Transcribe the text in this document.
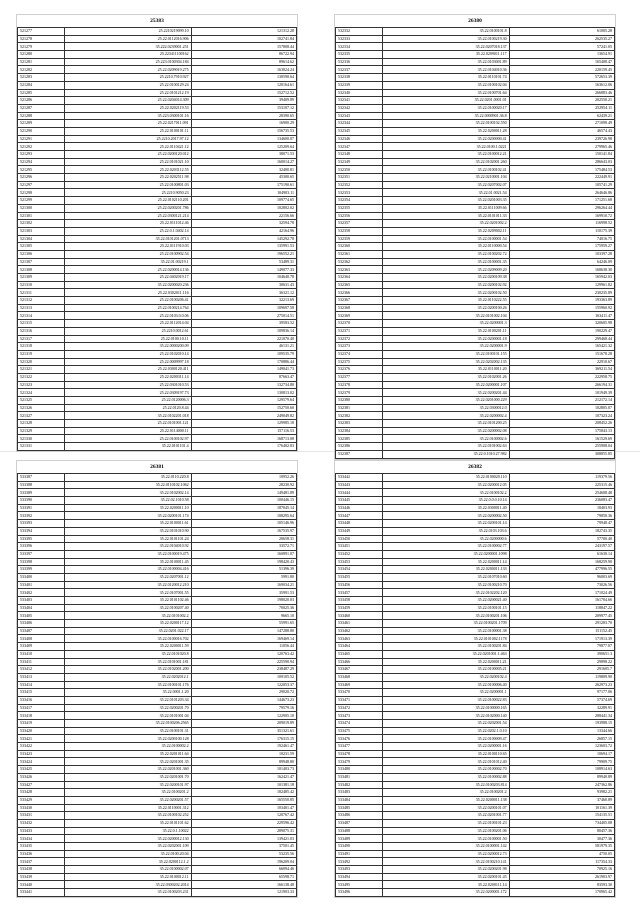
25383
521277	25.2210219099.10	121312.28
521278	25.22.0112016.906	102741.84
521279	35.222.0239001.251	157808.44
521280	25.223411100162	86722.94
521281	25.223.0100304.184	89614.62
521282	25.22.0209019.275	163024.24
521283	25.2210.7910.927	130590.64
521284	25.22.0100129.24	120164.61
521285	25.22.0101212.19	152712.52
521286	25.22.0204014.309	39409.89
521287	25.22.0202119.53	153107.12
521288	35.223.0300101.16	28390.65
521289	25.22.0217011.091	16900.29
521290	25.22.0100101.11	156735.53
521291	25.2210.2017.97.12	134600.07
521292	25.22.0110421.12	125209.64
521293	25.22.0200120.012	38071.53
521294	25.22.0101021.10	160014.27
521295	25.22.0203112.55	32400.81
521296	25.22.0202511.98	45300.65
521297	25.22.0100801.03	175190.61
521298	25.2210.9050.23	104903.11
521299	25.22.0102110.201	109774.65
521300	25.22.0200201.786	102802.02
521301	25.22.0300121.214	22156.66
521302	25.22.0111012.46	32594.78
521303	25.22.0.1.0402.14	42164.96
521304	35.22.0101201.0713	145292.78
521305	25.22.0111910.03	135991.53
521306	25.22.0100902.54	196552.21
521307	35.22.01.00219.1	53489.31
521308	25.22.0200014.136	149077.33
521309	25.22.0402019.17	104640.78
521310	35.22.0200020.236	30631.43
521311	25.22.0302011.116	36321.12
521312	25.22.0100206.41	32213.69
521313	25.22.0100214.764	109697.58
521314	25.22.0103.0.0.06	275014.51
521315	25.22.0112014.04	39583.52
521316	25.2210.0012.61	109836.14
521317	25.22.0100.10.11	221070.40
521318	35.22.0000200.09	46131.21
521319	25.22.0102010.14	109535.79
521320	25.22.0009997.18	170886.44
521321	25.22.0300120.411	149041.73
521322	25.22.0200311.14	87663.47
521323	25.22.0301010.53	132734.80
521324	25.22.0309197.73	130813.02
521325	25.22.0120006.3	129579.64
521326	25.22.0120.8.44	152750.60
521327	35.22.0102201.018	249049.82
521328	25.22.0101001.121	129985.18
521329	25.22.0114000.11	157116.53
521330	25.22.0100102.97	168713.08
521331	35.22.0101101.4	176402.83
26380
532332	35.22.0100101.8	61005.28
532333	35.22.0100219.30	262535.27
532334	35.22.0207018.137	57241.05
532335	35.22.0209011.117	13654.91
532336	35.22.0103001.89	165408.47
532337	35.22.0104010.36	220159.45
532338	35.22.0110101.74	572653.39
532339	35.22.0100102.04	163612.06
532340	35.22.0100701.64	266883.46
532341	35.22.0201.0001.01	202550.21
532342	35.22.0100020.17	252954.11
532343	35.22.0000901.36.8	62439.21
532344	35.22.0100102.550	271098.49
532345	35.22.0200011.28	46574.43
532346	35.22.0200000.41	239726.98
532347	35.22.0100.1.0221	279965.46
532348	35.22.0100012.21	150141.84
532349	35.22.0102001.260	286643.03
532350	35.22.0100102.41	175484.53
532351	35.22.0210001.104	222449.91
532352	35.22.0207002.07	105741.29
532353	35.22.01.0021.54	264646.86
532354	35.22.0201003.35	171251.68
532355	35.22.0111009.66	296264.44
532356	35.22.0101011.33	169910.72
532357	35.22.0201002.2	116998.52
532358	35.22.0209002.11	110175.39
532359	35.22.0100001.54	74016.75
532360	35.22.0110000.54	175959.27
532361	35.22.0100202.72	103397.28
532362	35.22.0100001.35	64246.09
532363	35.22.0209009.20	168638.30
532364	35.22.0200109.38	165942.03
532365	35.22.0200102.92	129961.82
532366	35.22.0200102.50	230235.89
532367	35.22.0110222.55	193363.89
532368	35.22.0200100.26	155960.92
532369	35.22.0101002.104	163411.47
532370	35.22.0200001.3	320605.98
532371	35.22.0100201.11	190229.47
532372	35.22.0200001.18	299468.44
532373	35.22.0200001.9	165421.32
532374	35.22.0100101.155	151678.28
532375	35.22.0202002.135	22910.67
532376	35.22.0110011.20	369211.54
532377	35.22.0102001.26	222958.75
532378	35.22.0200001.107	266194.31
532379	35.22.0200201.44	101949.39
532380	35.22.0201000.229	212172.14
532381	35.22.0300012.0	102805.07
532382	35.22.0200002.4	107323.24
532383	35.22.0101200.25	208452.26
532384	35.22.0200002.08	175843.13
532385	35.22.0100002.6	161529.69
532386	35.22.0101002.63	255908.04
532387	35.22.0.1010.27.982	308855.85
26381
533387	35.22.0110.220.8	10952.26
533388	35.22.0110102.1062	28230.92
533389	35.22.0102002.14	149481.89
533390	35.22.02.1010.58	100446.15
533391	35.22.0200011.10	187045.14
533392	35.22.0200101.174	108295.64
533393	35.22.0100011.61	105146.96
533394	35.22.0101010.90	167535.97
533395	35.22.0101101.24	20658.31
533396	35.22.0104010.92	33572.71
533397	35.22.0100019.475	160891.07
533398	35.22.0100011.45	198420.43
533399	35.22.0100004.416	51396.39
533400	35.22.0207001.12	5991.80
533401	35.22.0120012.210	169034.21
533402	35.22.0107001.55	35991.53
533403	35.22.0101102.46	198020.03
533404	35.22.0100207.40	70025.36
533405	35.22.0101002.2	9665.10
533406	35.22.0200117.12	55991.65
533407	35.22.0201.022.17	147288.80
533408	35.22.0100016.702	169469.14
533409	35.22.0200011.59	11056.44
533410	35.22.0101020.8	120763.42
533411	35.22.0101001.181	225590.94
533412	35.22.0102001.200	238487.29
533413	35.22.0202012.1	109105.52
533414	35.22.0100101.176	122053.37
533415	35.22.0001.1.20	29020.72
533416	35.22.0101203.34	144673.23
533417	35.22.0200201.70	79579.16
533418	35.22.0101001.04	122905.10
533419	35.22.0100206.2565	209019.89
533420	35.22.0100101.31	351321.61
533421	35.22.0200100.128	176315.15
533422	35.22.0100002.2	192461.47
533423	35.22.0201011.64	10231.59
533424	35.22.0201001.35	89948.80
533425	35.22.0201001.360	101403.73
533426	35.22.0201001.70	162421.47
533427	35.22.0200101.97	101381.18
533428	35.22.0100201.2	182485.42
533429	35.22.0200201.57	165550.85
533430	35.22.0110001.312	103401.47
533431	35.22.0100102.252	120767.42
533432	35.22.0101101.62	229596.42
533433	35.22.0.1.10022	289075.31
533434	35.22.0200012.130	139421.03
533435	35.22.0202001.109	37501.45
533436	35.22.0100.20.04	53235.56
533437	35.22.0200112.1.2	196209.04
533438	35.22.0100002.07	66094.46
533439	35.22.0100012.11	65598.71
533440	35.22.0300202.2014	166138.48
533441	35.22.0100203.231	121903.33
26382
533442	35.22.0100020.110	119379.56
533443	35.22.0200012.05	225315.46
533444	35.22.0100102.2	254608.48
533445	35.22.0.0.0.10.14	236083.47
533446	35.22.0300011.40	18403.93
533447	35.22.0200002.50	79850.36
533448	35.22.0200101.14	79948.47
533449	35.22.0103.103.6	182743.35
533450	35.22.0200000.6	57700.40
533451	35.22.0100002.77	243197.57
533452	35.22.0200001.1098	61630.14
533453	35.22.0200011.14	168259.90
533454	35.22.0200011.133	477996.55
533455	35.22.0107010.60	96003.69
533456	35.22.0100210.70	73026.56
533457	35.22.0102202.120	171024.49
533458	35.22.0200021.40	161704.66
533459	35.22.0100101.15	118847.22
533460	35.22.0100201.106	209977.45
533461	35.22.0100201.1709	291283.70
533462	35.22.0100001.38	151152.45
533463	35.22.0101002.1178	171913.39
533464	35.22.0100201.84	79877.07
533465	35.22.0201001.1.463	390651.3
533466	35.22.0200011.21	29898.22
533467	35.22.0100005.21	291605.7
533468	35.22.0200102.4	119809.90
533469	35.22.0100006.40	262973.23
533470	35.22.0200001.1	97177.06
533471	35.22.0100022.83	57374.69
533472	35.22.0100000.165	32289.91
533473	35.22.0102000.140	288441.34
533474	35.22.0202001.54	193988.15
533475	35.22.0202.1.0.10	13344.66
533476	35.22.0100009.47	26857.15
533477	35.22.0200001.16	123603.72
533478	35.22.0100110.65	10694.17
533479	35.22.0101012.40	79909.75
533480	35.22.0100002.70	108914.63
533481	35.22.0100002.88	89940.89
533482	35.22.0100203.814	247362.86
533483	35.22.0100201.2	93982.21
533484	35.22.0200011.138	37460.89
533485	35.22.0200101.07	101161.39
533486	35.22.0201001.77	154135.51
533487	35.22.0100101.23	734405.08
533488	35.22.0100201.06	80457.36
533489	35.22.0100001.50	30477.36
533490	35.22.0100001.142	581979.35
533491	35.22.0200012.73	4750.05
533492	35.22.0100210.141	117354.33
533493	35.22.0200201.98	70925.16
533494	35.22.0200101.45	261903.97
533495	35.22.0200111.14	83593.30
533496	35.22.0200001.172	170965.42
